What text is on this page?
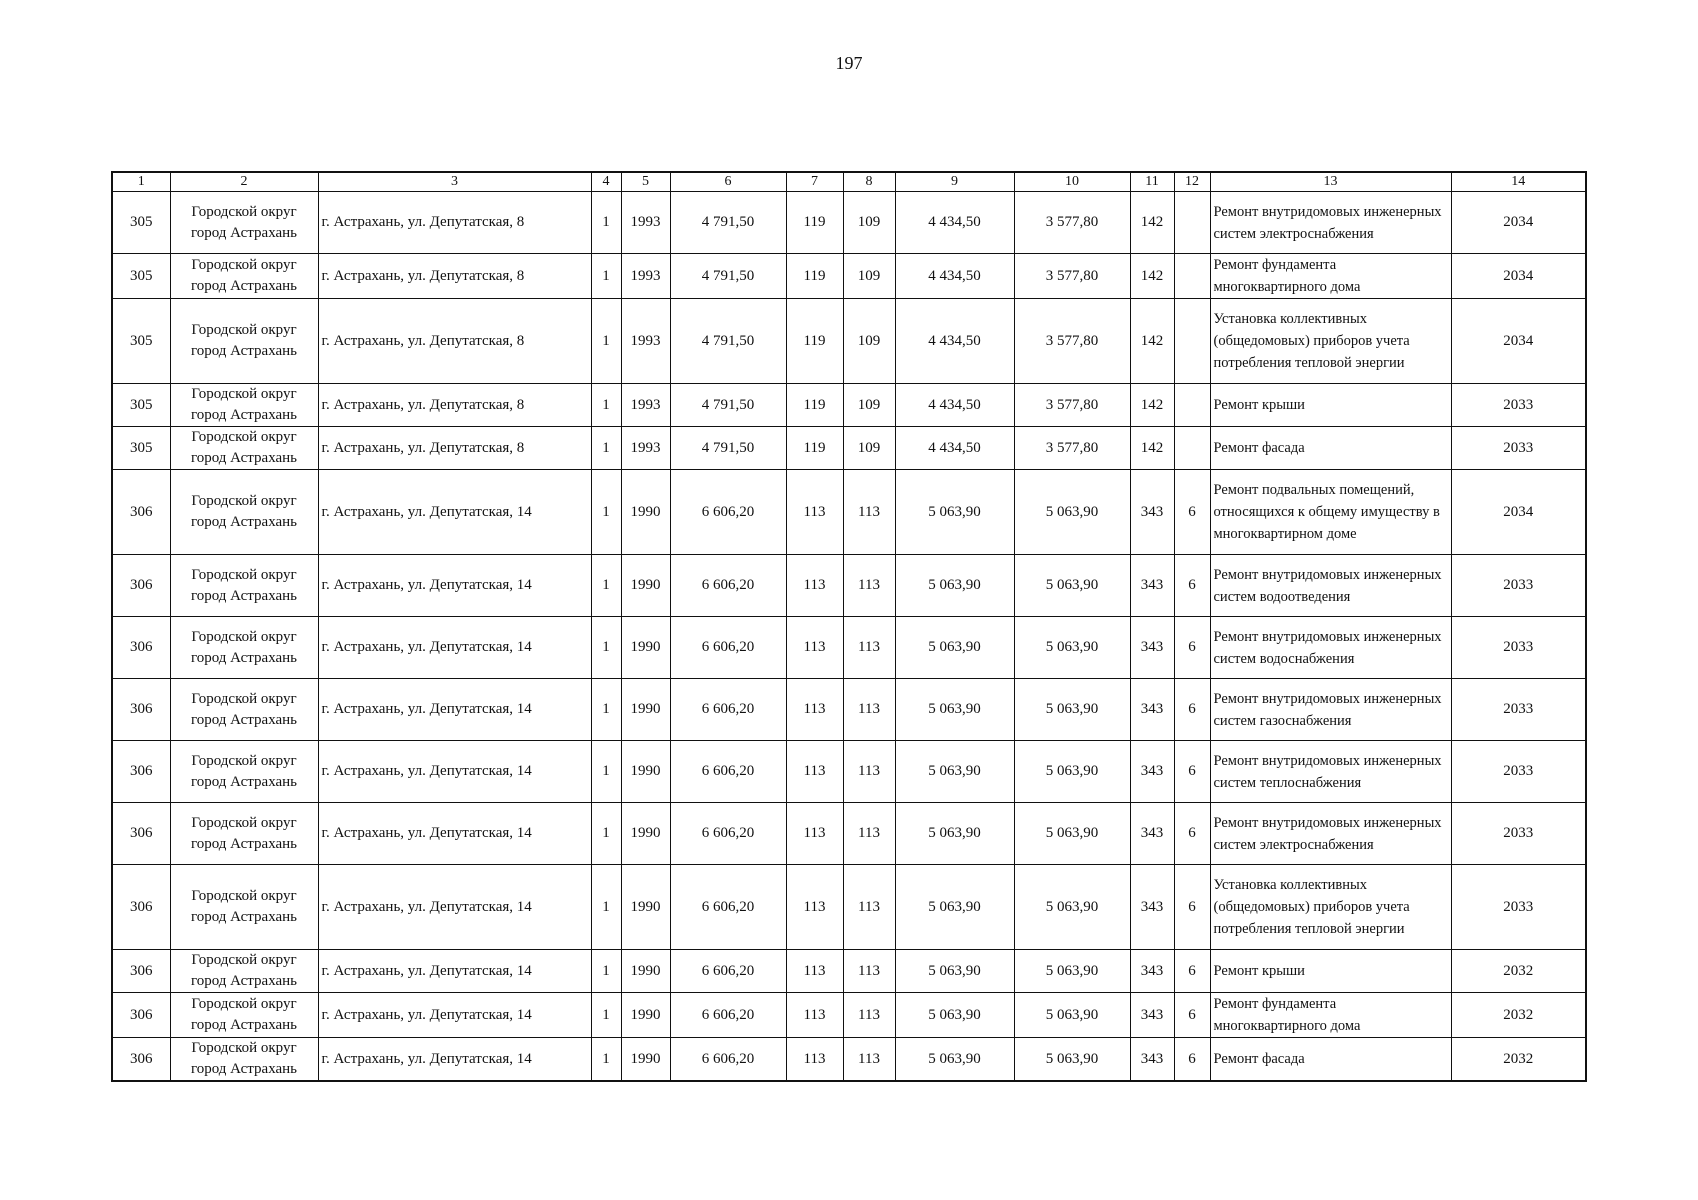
197
1	2	3	4	5	6	7	8	9	10	11	12	13	14
305	Городской округ город Астрахань	г. Астрахань, ул. Депутатская, 8	1	1993	4 791,50	119	109	4 434,50	3 577,80	142		Ремонт внутридомовых инженерных систем электроснабжения	2034
305	Городской округ город Астрахань	г. Астрахань, ул. Депутатская, 8	1	1993	4 791,50	119	109	4 434,50	3 577,80	142		Ремонт фундамента многоквартирного дома	2034
305	Городской округ город Астрахань	г. Астрахань, ул. Депутатская, 8	1	1993	4 791,50	119	109	4 434,50	3 577,80	142		Установка коллективных (общедомовых) приборов учета потребления тепловой энергии	2034
305	Городской округ город Астрахань	г. Астрахань, ул. Депутатская, 8	1	1993	4 791,50	119	109	4 434,50	3 577,80	142		Ремонт крыши	2033
305	Городской округ город Астрахань	г. Астрахань, ул. Депутатская, 8	1	1993	4 791,50	119	109	4 434,50	3 577,80	142		Ремонт фасада	2033
306	Городской округ город Астрахань	г. Астрахань, ул. Депутатская, 14	1	1990	6 606,20	113	113	5 063,90	5 063,90	343	6	Ремонт подвальных помещений, относящихся к общему имуществу в многоквартирном доме	2034
306	Городской округ город Астрахань	г. Астрахань, ул. Депутатская, 14	1	1990	6 606,20	113	113	5 063,90	5 063,90	343	6	Ремонт внутридомовых инженерных систем водоотведения	2033
306	Городской округ город Астрахань	г. Астрахань, ул. Депутатская, 14	1	1990	6 606,20	113	113	5 063,90	5 063,90	343	6	Ремонт внутридомовых инженерных систем водоснабжения	2033
306	Городской округ город Астрахань	г. Астрахань, ул. Депутатская, 14	1	1990	6 606,20	113	113	5 063,90	5 063,90	343	6	Ремонт внутридомовых инженерных систем газоснабжения	2033
306	Городской округ город Астрахань	г. Астрахань, ул. Депутатская, 14	1	1990	6 606,20	113	113	5 063,90	5 063,90	343	6	Ремонт внутридомовых инженерных систем теплоснабжения	2033
306	Городской округ город Астрахань	г. Астрахань, ул. Депутатская, 14	1	1990	6 606,20	113	113	5 063,90	5 063,90	343	6	Ремонт внутридомовых инженерных систем электроснабжения	2033
306	Городской округ город Астрахань	г. Астрахань, ул. Депутатская, 14	1	1990	6 606,20	113	113	5 063,90	5 063,90	343	6	Установка коллективных (общедомовых) приборов учета потребления тепловой энергии	2033
306	Городской округ город Астрахань	г. Астрахань, ул. Депутатская, 14	1	1990	6 606,20	113	113	5 063,90	5 063,90	343	6	Ремонт крыши	2032
306	Городской округ город Астрахань	г. Астрахань, ул. Депутатская, 14	1	1990	6 606,20	113	113	5 063,90	5 063,90	343	6	Ремонт фундамента многоквартирного дома	2032
306	Городской округ город Астрахань	г. Астрахань, ул. Депутатская, 14	1	1990	6 606,20	113	113	5 063,90	5 063,90	343	6	Ремонт фасада	2032
